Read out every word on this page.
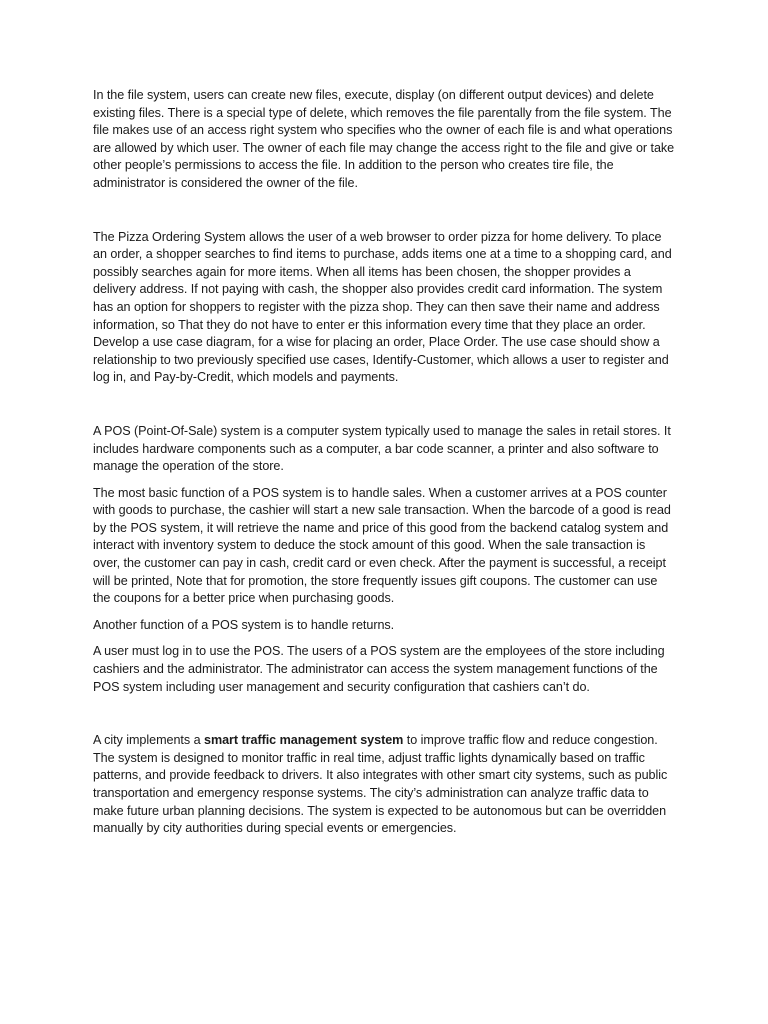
In the file system, users can create new files, execute, display (on different output devices) and delete existing files. There is a special type of delete, which removes the file parentally from the file system. The file makes use of an access right system who specifies who the owner of each file is and what operations are allowed by which user. The owner of each file may change the access right to the file and give or take other people’s permissions to access the file. In addition to the person who creates tire file, the administrator is considered the owner of the file.

The Pizza Ordering System allows the user of a web browser to order pizza for home delivery. To place an order, a shopper searches to find items to purchase, adds items one at a time to a shopping card, and possibly searches again for more items. When all items has been chosen, the shopper provides a delivery address. If not paying with cash, the shopper also provides credit card information. The system has an option for shoppers to register with the pizza shop. They can then save their name and address information, so That they do not have to enter er this information every time that they place an order. Develop a use case diagram, for a wise for placing an order, Place Order. The use case should show a relationship to two previously specified use cases, Identify-Customer, which allows a user to register and log in, and Pay-by-Credit, which models and payments.

A POS (Point-Of-Sale) system is a computer system typically used to manage the sales in retail stores. It includes hardware components such as a computer, a bar code scanner, a printer and also software to manage the operation of the store.

The most basic function of a POS system is to handle sales. When a customer arrives at a POS counter with goods to purchase, the cashier will start a new sale transaction. When the barcode of a good is read by the POS system, it will retrieve the name and price of this good from the backend catalog system and interact with inventory system to deduce the stock amount of this good. When the sale transaction is over, the customer can pay in cash, credit card or even check. After the payment is successful, a receipt will be printed, Note that for promotion, the store frequently issues gift coupons. The customer can use the coupons for a better price when purchasing goods.

Another function of a POS system is to handle returns.

A user must log in to use the POS. The users of a POS system are the employees of the store including cashiers and the administrator. The administrator can access the system management functions of the POS system including user management and security configuration that cashiers can’t do.

A city implements a smart traffic management system to improve traffic flow and reduce congestion. The system is designed to monitor traffic in real time, adjust traffic lights dynamically based on traffic patterns, and provide feedback to drivers. It also integrates with other smart city systems, such as public transportation and emergency response systems. The city’s administration can analyze traffic data to make future urban planning decisions. The system is expected to be autonomous but can be overridden manually by city authorities during special events or emergencies.
